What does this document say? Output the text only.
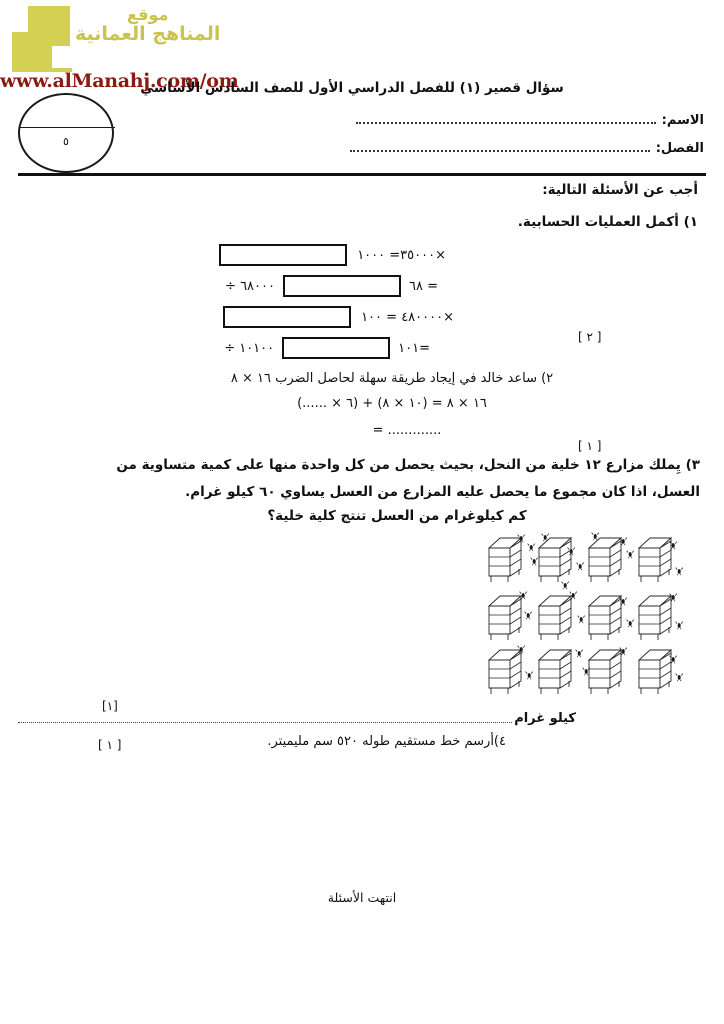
موقع
المناهج العمانية
www.alManahj.com/om
سؤال قصير (١) للفصل الدراسي الأول للصف السادس الأساسي
٥
الاسم:
الفصل:
أجب عن الأسئلة التالية:
١) أكمل العمليات الحسابية.
٣٥٠٠٠= ١٠٠٠×
٦٨ =
÷ ٦٨٠٠٠
٤٨٠٠٠٠ = ١٠٠×
١٠١=
÷ ١٠١٠٠
[ ٢ ]
٢) ساعد خالد في إيجاد طريقة سهلة لحاصل الضرب ١٦ × ٨
١٦ × ٨ = (١٠ × ٨) + (٦ × ......)
= .............
[ ١ ]
٣) يِملك مزارع ١٢ خلية من النحل، بحيث يحصل من كل واحدة منها على كمية متساوية من
العسل، اذا كان مجموع ما يحصل عليه المزارع من العسل يساوي ٦٠ كيلو غرام.
كم كيلوغرام من العسل تنتج كلية خلية؟
كيلو غرام
[١]
٤)أرسم خط مستقيم طوله ٥٢٠ سم مليميتر.
[ ١ ]
انتهت الأسئلة
